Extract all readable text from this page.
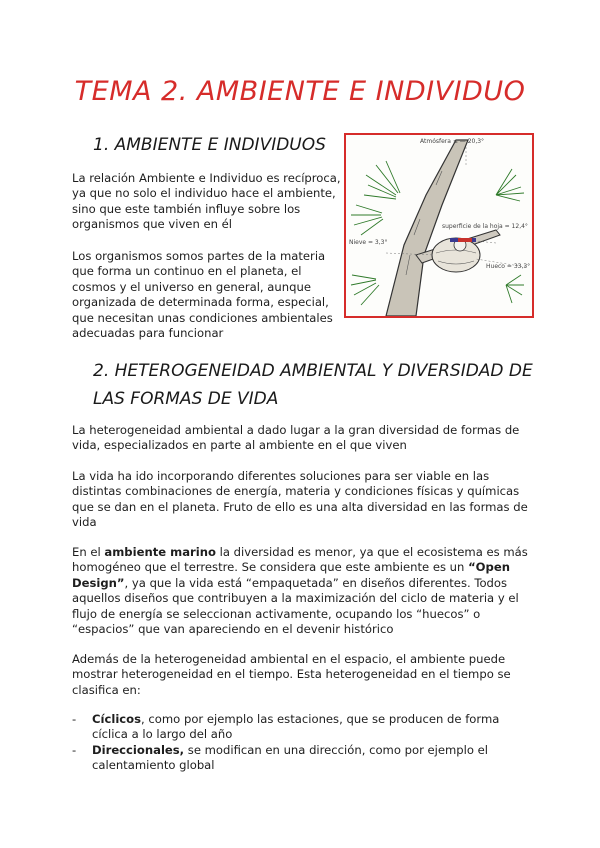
TEMA 2. AMBIENTE E INDIVIDUO
1. AMBIENTE E INDIVIDUOS

La relación Ambiente e Individuo es recíproca, ya que no solo el individuo hace el ambiente, sino que este también influye sobre los organismos que viven en él

Los organismos somos partes de la materia que forma un continuo en el planeta, el cosmos y el universo en general, aunque organizada de determinada forma, especial, que necesitan unas condiciones ambientales adecuadas para funcionar

Atmósfera ≤ — 20,3°
superficie de la hoja = 12,4°
Nieve = 3,3°
Hueco = 33,3°
2. HETEROGENEIDAD AMBIENTAL Y DIVERSIDAD DE LAS FORMAS DE VIDA

La heterogeneidad ambiental a dado lugar a la gran diversidad de formas de vida, especializados en parte al ambiente en el que viven

La vida ha ido incorporando diferentes soluciones para ser viable en las distintas combinaciones de energía, materia y condiciones físicas y químicas que se dan en el planeta. Fruto de ello es una alta diversidad en las formas de vida

En el ambiente marino la diversidad es menor, ya que el ecosistema es más homogéneo que el terrestre. Se considera que este ambiente es un “Open Design”, ya que la vida está “empaquetada” en diseños diferentes. Todos aquellos diseños que contribuyen a la maximización del ciclo de materia y el flujo de energía se seleccionan activamente, ocupando los “huecos” o “espacios” que van apareciendo en el devenir histórico

Además de la heterogeneidad ambiental en el espacio, el ambiente puede mostrar heterogeneidad en el tiempo. Esta heterogeneidad en el tiempo se clasifica en:

- Cíclicos, como por ejemplo las estaciones, que se producen de forma cíclica a lo largo del año
- Direccionales, se modifican en una dirección, como por ejemplo el calentamiento global
